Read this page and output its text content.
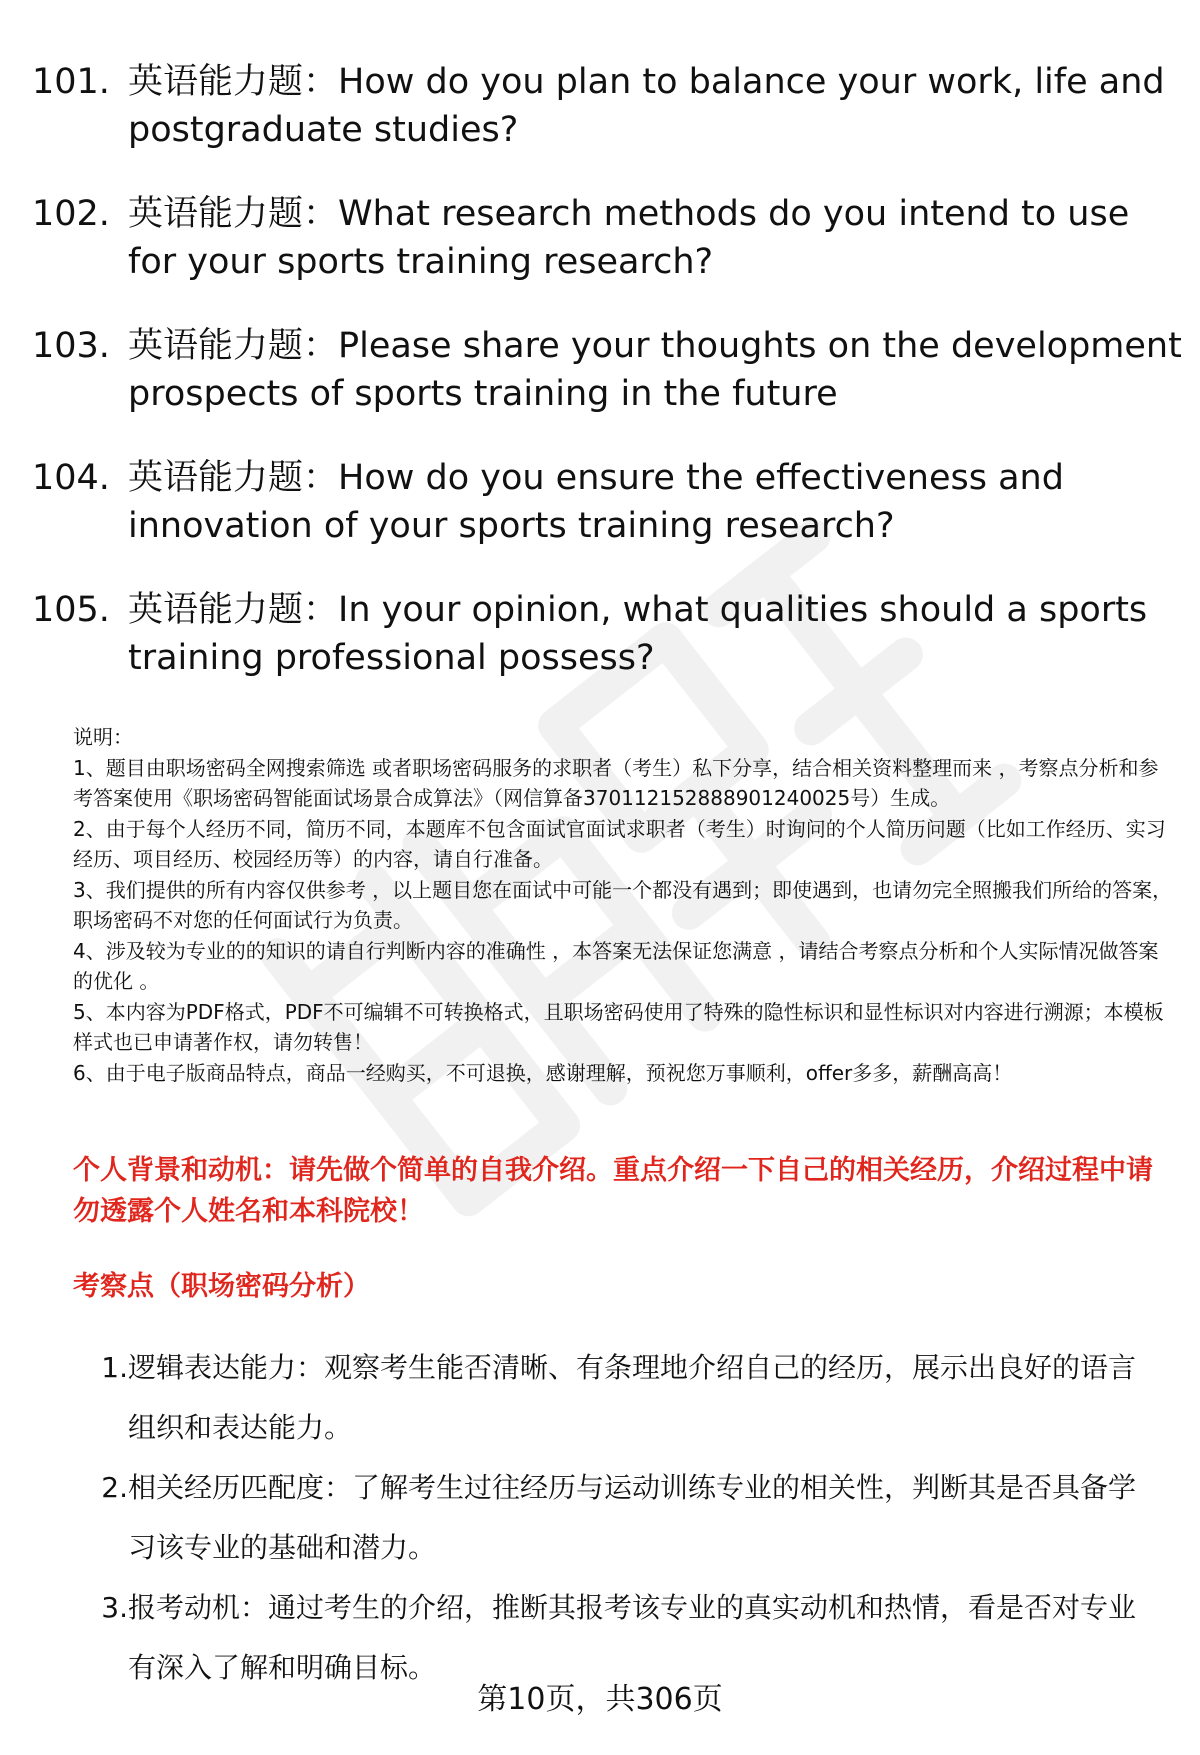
101. 英语能力题：How do you plan to balance your work, life and postgraduate studies?
102. 英语能力题：What research methods do you intend to use for your sports training research?
103. 英语能力题：Please share your thoughts on the development prospects of sports training in the future
104. 英语能力题：How do you ensure the effectiveness and innovation of your sports training research?
105. 英语能力题：In your opinion, what qualities should a sports training professional possess?

说明：

1、题目由职场密码全网搜索筛选 或者职场密码服务的求职者（考生）私下分享，结合相关资料整理而来 ，考察点分析和参考答案使用《职场密码智能面试场景合成算法》（网信算备370112152888901240025号）生成。

2、由于每个人经历不同，简历不同，本题库不包含面试官面试求职者（考生）时询问的个人简历问题（比如工作经历、实习经历、项目经历、校园经历等）的内容，请自行准备。

3、我们提供的所有内容仅供参考 ，以上题目您在面试中可能一个都没有遇到；即使遇到，也请勿完全照搬我们所给的答案，职场密码不对您的任何面试行为负责。

4、涉及较为专业的的知识的请自行判断内容的准确性 ，本答案无法保证您满意 ，请结合考察点分析和个人实际情况做答案的优化 。

5、本内容为PDF格式，PDF不可编辑不可转换格式，且职场密码使用了特殊的隐性标识和显性标识对内容进行溯源；本模板样式也已申请著作权，请勿转售！

6、由于电子版商品特点，商品一经购买，不可退换，感谢理解，预祝您万事顺利，offer多多，薪酬高高！

个人背景和动机：请先做个简单的自我介绍。重点介绍一下自己的相关经历，介绍过程中请勿透露个人姓名和本科院校！

考察点（职场密码分析）

1. 逻辑表达能力：观察考生能否清晰、有条理地介绍自己的经历，展示出良好的语言组织和表达能力。
2. 相关经历匹配度：了解考生过往经历与运动训练专业的相关性，判断其是否具备学习该专业的基础和潜力。
3. 报考动机：通过考生的介绍，推断其报考该专业的真实动机和热情，看是否对专业有深入了解和明确目标。
第10页，共306页
